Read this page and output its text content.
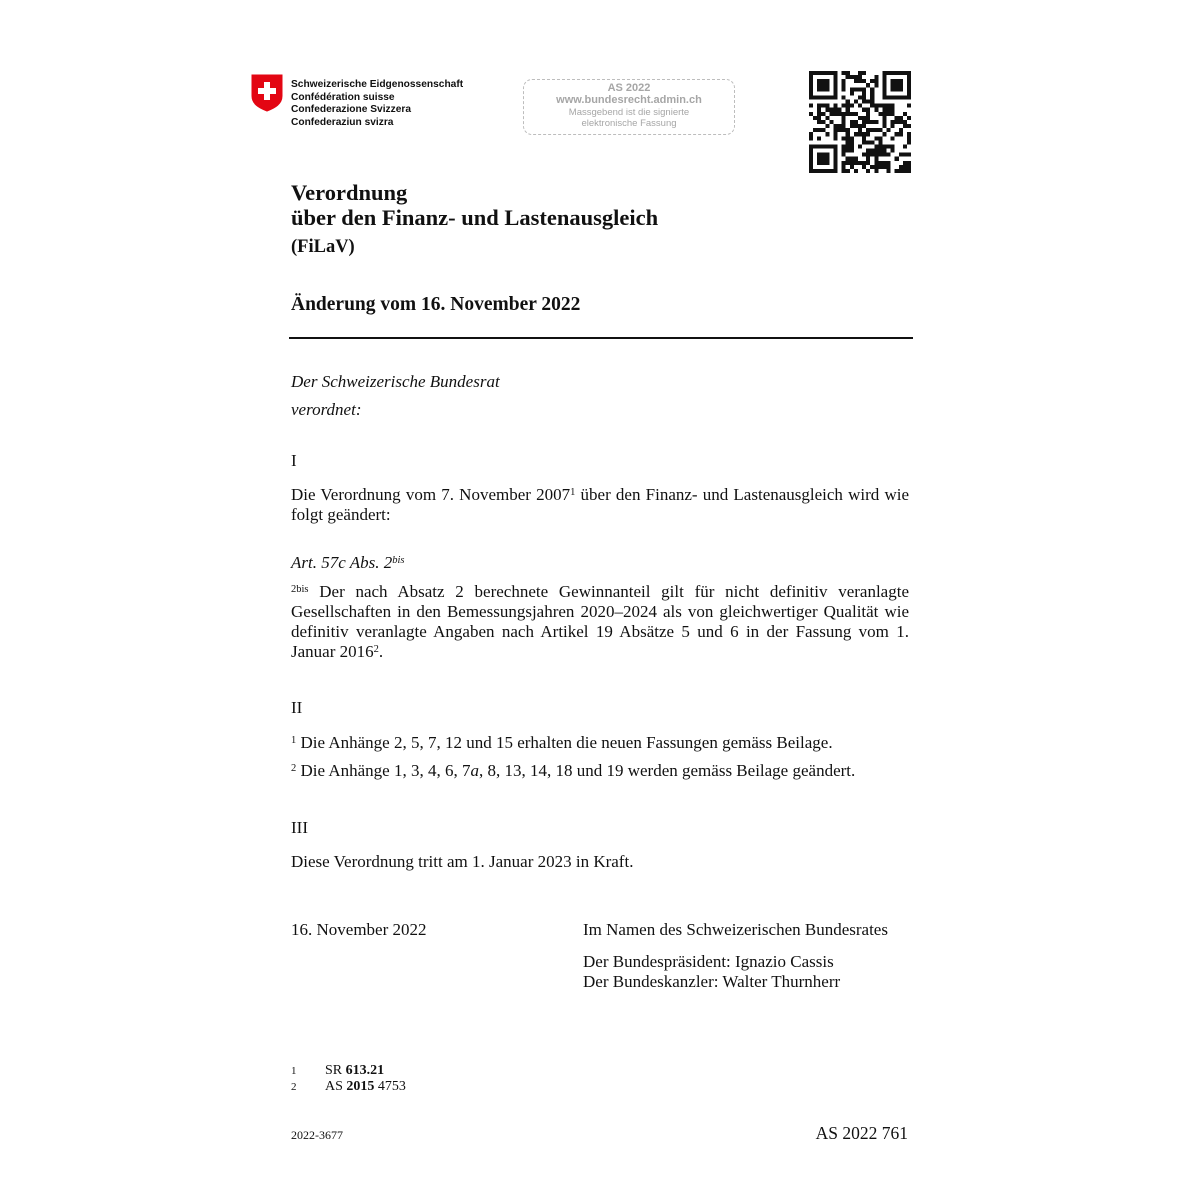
Schweizerische Eidgenossenschaft
Confédération suisse
Confederazione Svizzera
Confederaziun svizra
AS 2022
www.bundesrecht.admin.ch
Massgebend ist die signierte
elektronische Fassung
Verordnung
über den Finanz- und Lastenausgleich
(FiLaV)
Änderung vom 16. November 2022
Der Schweizerische Bundesrat
verordnet:
I
Die Verordnung vom 7. November 2007$^1$ über den Finanz- und Lastenausgleich wird wie folgt geändert:
Art. 57c Abs. $2^{bis}$
$^{2bis}$ Der nach Absatz 2 berechnete Gewinnanteil gilt für nicht definitiv veranlagte Gesellschaften in den Bemessungsjahren 2020–2024 als von gleichwertiger Qualität wie definitiv veranlagte Angaben nach Artikel 19 Absätze 5 und 6 in der Fassung vom 1. Januar 2016$^2$.
II
$^1$ Die Anhänge 2, 5, 7, 12 und 15 erhalten die neuen Fassungen gemäss Beilage.
$^2$ Die Anhänge 1, 3, 4, 6, 7a, 8, 13, 14, 18 und 19 werden gemäss Beilage geändert.
III
Diese Verordnung tritt am 1. Januar 2023 in Kraft.
16. November 2022	Im Namen des Schweizerischen Bundesrates
Der Bundespräsident: Ignazio Cassis
Der Bundeskanzler: Walter Thurnherr
1	SR 613.21
2	AS 2015 4753
2022-3677	AS 2022 761
